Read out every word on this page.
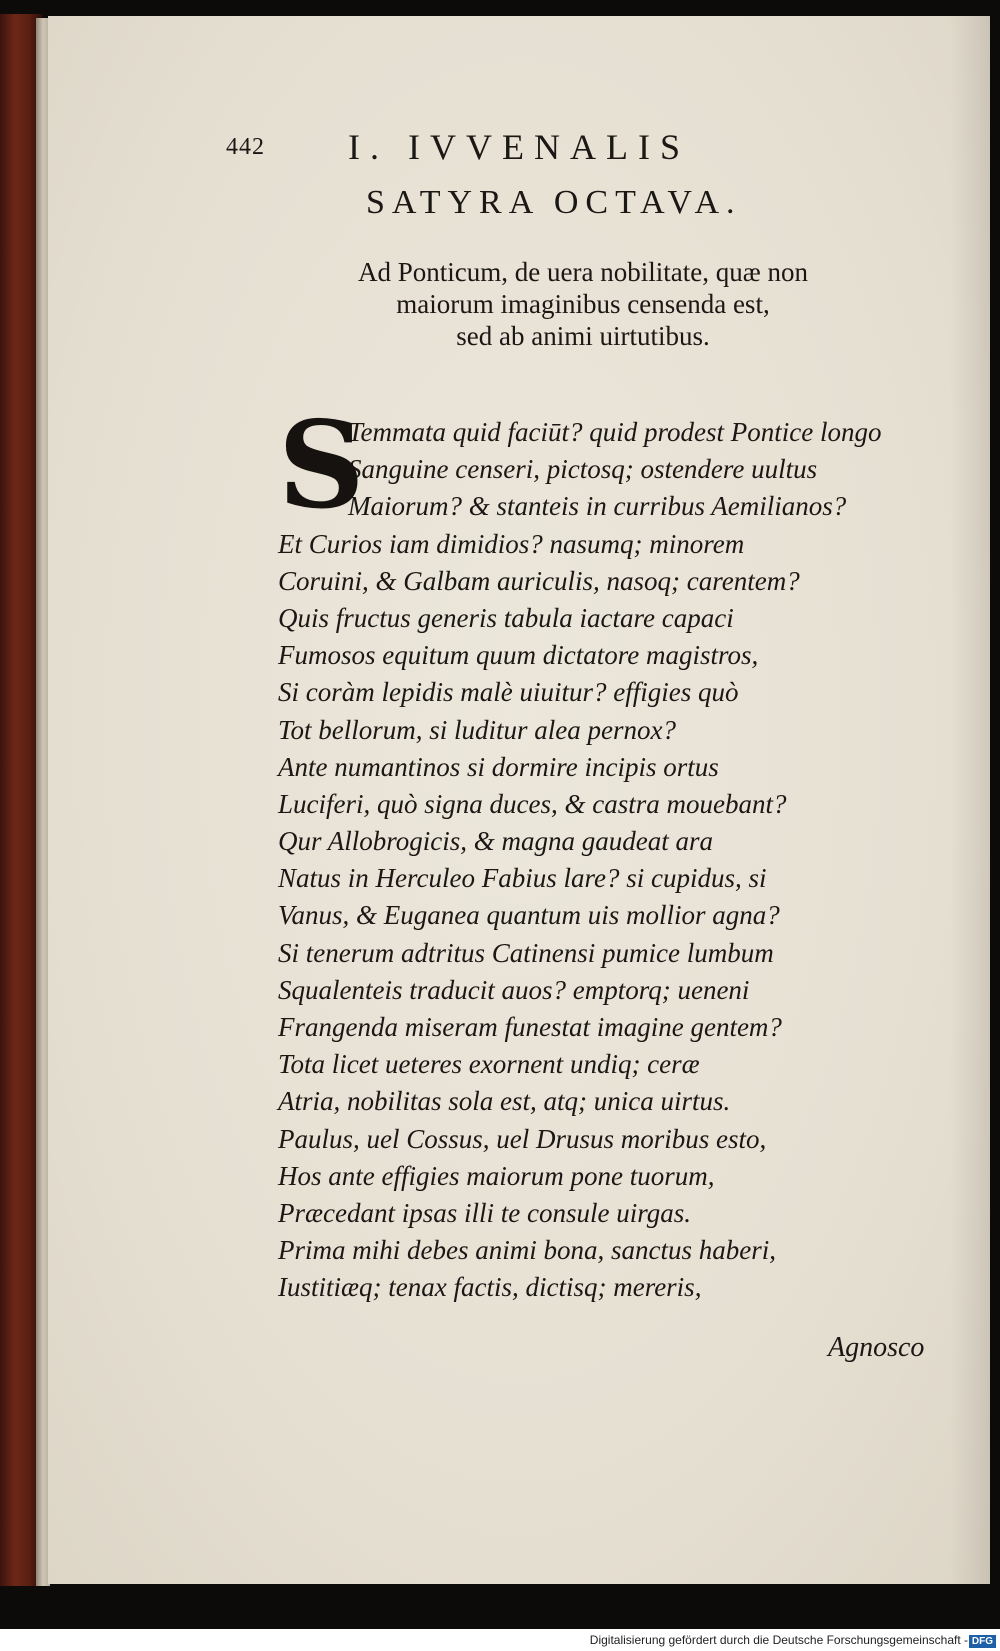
442 I. IVVENALIS
SATYRA OCTAVA.
Ad Ponticum, de uera nobilitate, quæ non
maiorum imaginibus censenda est,
sed ab animi uirtutibus.
S
Temmata quid faciūt? quid prodest Pontice longo
Sanguine censeri, pictosq; ostendere uultus
Maiorum? & stanteis in curribus Aemilianos?
Et Curios iam dimidios? nasumq; minorem
Coruini, & Galbam auriculis, nasoq; carentem?
Quis fructus generis tabula iactare capaci
Fumosos equitum quum dictatore magistros,
Si coràm lepidis malè uiuitur? effigies quò
Tot bellorum, si luditur alea pernox?
Ante numantinos si dormire incipis ortus
Luciferi, quò signa duces, & castra mouebant?
Qur Allobrogicis, & magna gaudeat ara
Natus in Herculeo Fabius lare? si cupidus, si
Vanus, & Euganea quantum uis mollior agna?
Si tenerum adtritus Catinensi pumice lumbum
Squalenteis traducit auos? emptorq; ueneni
Frangenda miseram funestat imagine gentem?
Tota licet ueteres exornent undiq; ceræ
Atria, nobilitas sola est, atq; unica uirtus.
Paulus, uel Cossus, uel Drusus moribus esto,
Hos ante effigies maiorum pone tuorum,
Præcedant ipsas illi te consule uirgas.
Prima mihi debes animi bona, sanctus haberi,
Iustitiæq; tenax factis, dictisq; mereris,
Agnosco
Digitalisierung gefördert durch die Deutsche Forschungsgemeinschaft - DFG
